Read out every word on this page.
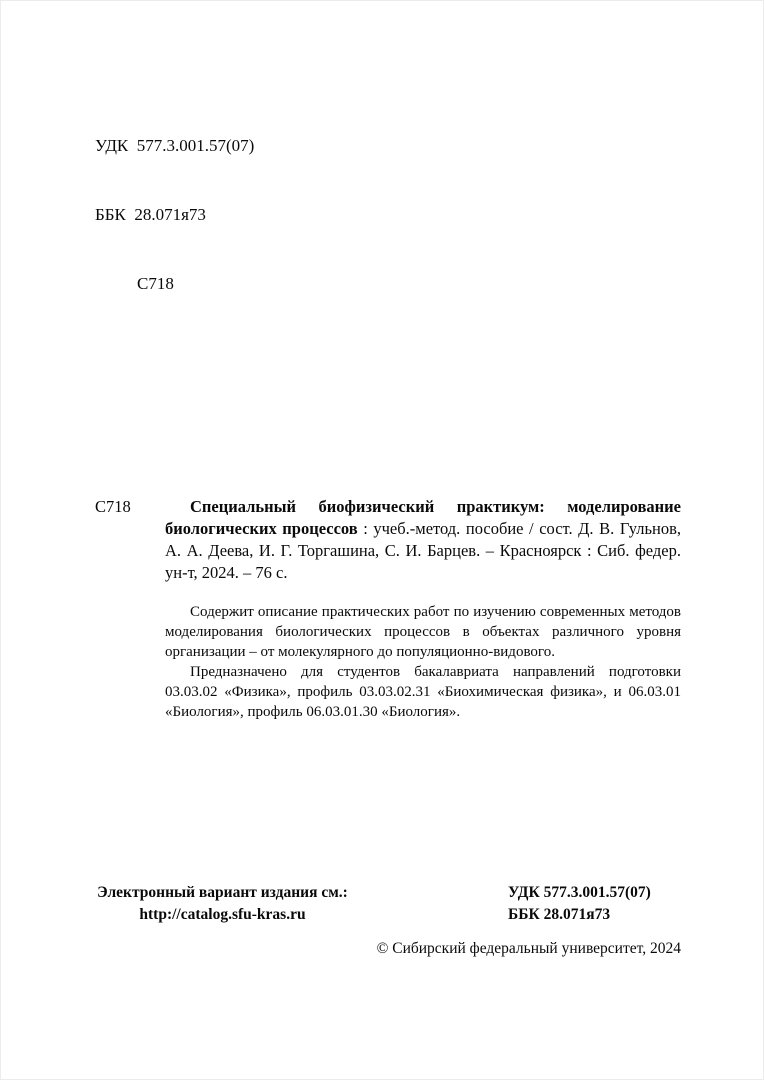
УДК  577.3.001.57(07)

ББК  28.071я73

С718

С718	Специальный биофизический практикум: моделирование биологических процессов : учеб.-метод. пособие / сост. Д. В. Гульнов, А. А. Деева, И. Г. Торгашина, С. И. Барцев. – Красноярск : Сиб. федер. ун-т, 2024. – 76 с.

Содержит описание практических работ по изучению современных методов моделирования биологических процессов в объектах различного уровня организации – от молекулярного до популяционно-видового.

Предназначено для студентов бакалавриата направлений подготовки 03.03.02 «Физика», профиль 03.03.02.31 «Биохимическая физика», и 06.03.01 «Биология», профиль 06.03.01.30 «Биология».

Электронный вариант издания см.:
http://catalog.sfu-kras.ru
УДК 577.3.001.57(07)
ББК 28.071я73
© Сибирский федеральный университет, 2024
